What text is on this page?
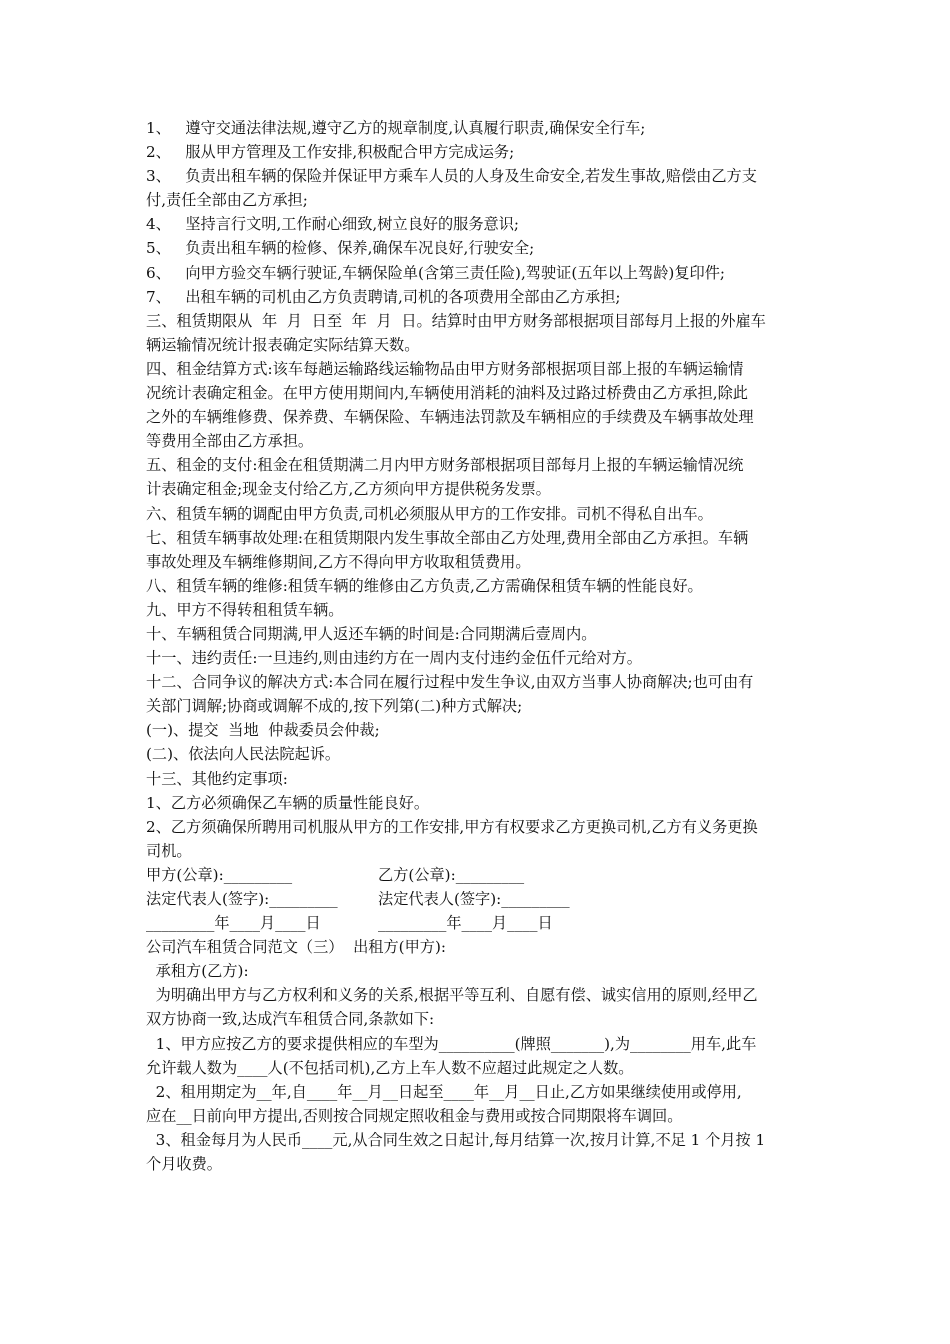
1、   遵守交通法律法规,遵守乙方的规章制度,认真履行职责,确保安全行车;
2、   服从甲方管理及工作安排,积极配合甲方完成运务;
3、   负责出租车辆的保险并保证甲方乘车人员的人身及生命安全,若发生事故,赔偿由乙方支
付,责任全部由乙方承担;
4、   坚持言行文明,工作耐心细致,树立良好的服务意识;
5、   负责出租车辆的检修、保养,确保车况良好,行驶安全;
6、   向甲方验交车辆行驶证,车辆保险单(含第三责任险),驾驶证(五年以上驾龄)复印件;
7、   出租车辆的司机由乙方负责聘请,司机的各项费用全部由乙方承担;
三、租赁期限从  年  月  日至  年  月  日。结算时由甲方财务部根据项目部每月上报的外雇车
辆运输情况统计报表确定实际结算天数。
四、租金结算方式:该车每趟运输路线运输物品由甲方财务部根据项目部上报的车辆运输情
况统计表确定租金。在甲方使用期间内,车辆使用消耗的油料及过路过桥费由乙方承担,除此
之外的车辆维修费、保养费、车辆保险、车辆违法罚款及车辆相应的手续费及车辆事故处理
等费用全部由乙方承担。
五、租金的支付:租金在租赁期满二月内甲方财务部根据项目部每月上报的车辆运输情况统
计表确定租金;现金支付给乙方,乙方须向甲方提供税务发票。
六、租赁车辆的调配由甲方负责,司机必须服从甲方的工作安排。司机不得私自出车。
七、租赁车辆事故处理:在租赁期限内发生事故全部由乙方处理,费用全部由乙方承担。车辆
事故处理及车辆维修期间,乙方不得向甲方收取租赁费用。
八、租赁车辆的维修:租赁车辆的维修由乙方负责,乙方需确保租赁车辆的性能良好。
九、甲方不得转租租赁车辆。
十、车辆租赁合同期满,甲人返还车辆的时间是:合同期满后壹周内。
十一、违约责任:一旦违约,则由违约方在一周内支付违约金伍仟元给对方。
十二、合同争议的解决方式:本合同在履行过程中发生争议,由双方当事人协商解决;也可由有
关部门调解;协商或调解不成的,按下列第(二)种方式解决;
(一)、提交  当地  仲裁委员会仲裁;
(二)、依法向人民法院起诉。
十三、其他约定事项:
1、乙方必须确保乙车辆的质量性能良好。
2、乙方须确保所聘用司机服从甲方的工作安排,甲方有权要求乙方更换司机,乙方有义务更换
司机。
甲方(公章):_________	乙方(公章):_________
法定代表人(签字):_________	法定代表人(签字):_________
_________年____月____日	_________年____月____日
公司汽车租赁合同范文（三）  出租方(甲方):
承租方(乙方):
为明确出甲方与乙方权利和义务的关系,根据平等互利、自愿有偿、诚实信用的原则,经甲乙
双方协商一致,达成汽车租赁合同,条款如下:
1、甲方应按乙方的要求提供相应的车型为__________(牌照_______),为________用车,此车
允许载人数为____人(不包括司机),乙方上车人数不应超过此规定之人数。
2、租用期定为__年,自____年__月__日起至____年__月__日止,乙方如果继续使用或停用,
应在__日前向甲方提出,否则按合同规定照收租金与费用或按合同期限将车调回。
3、租金每月为人民币____元,从合同生效之日起计,每月结算一次,按月计算,不足 1 个月按 1
个月收费。
